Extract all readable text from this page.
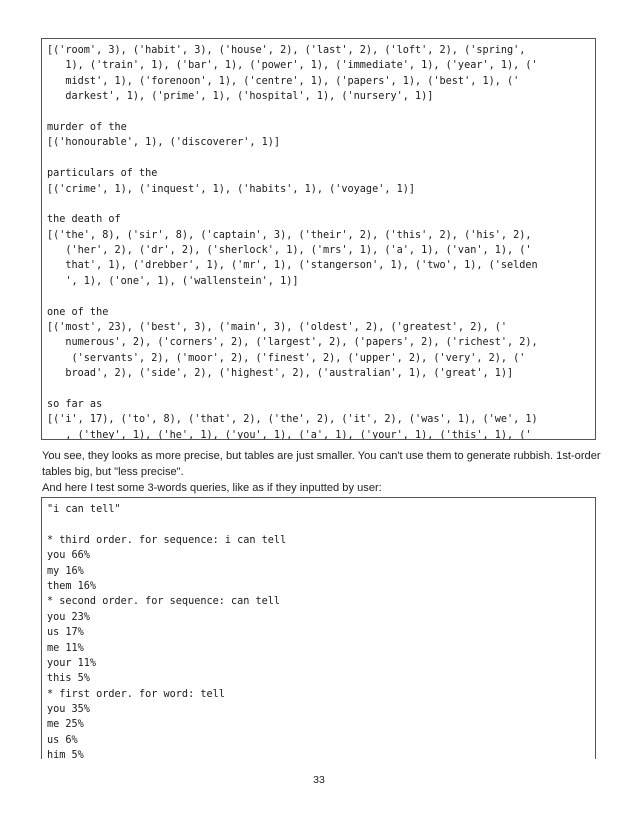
[('room', 3), ('habit', 3), ('house', 2), ('last', 2), ('loft', 2), ('spring',
1), ('train', 1), ('bar', 1), ('power', 1), ('immediate', 1), ('year', 1), ('
midst', 1), ('forenoon', 1), ('centre', 1), ('papers', 1), ('best', 1), ('
darkest', 1), ('prime', 1), ('hospital', 1), ('nursery', 1)]

murder of the
[('honourable', 1), ('discoverer', 1)]

particulars of the
[('crime', 1), ('inquest', 1), ('habits', 1), ('voyage', 1)]

the death of
[('the', 8), ('sir', 8), ('captain', 3), ('their', 2), ('this', 2), ('his', 2),
('her', 2), ('dr', 2), ('sherlock', 1), ('mrs', 1), ('a', 1), ('van', 1), ('
that', 1), ('drebber', 1), ('mr', 1), ('stangerson', 1), ('two', 1), ('selden
', 1), ('one', 1), ('wallenstein', 1)]

one of the
[('most', 23), ('best', 3), ('main', 3), ('oldest', 2), ('greatest', 2), ('
numerous', 2), ('corners', 2), ('largest', 2), ('papers', 2), ('richest', 2),
('servants', 2), ('moor', 2), ('finest', 2), ('upper', 2), ('very', 2), ('
broad', 2), ('side', 2), ('highest', 2), ('australian', 1), ('great', 1)]

so far as
[('i', 17), ('to', 8), ('that', 2), ('the', 2), ('it', 2), ('was', 1), ('we', 1)
, ('they', 1), ('he', 1), ('you', 1), ('a', 1), ('your', 1), ('this', 1), ('

You see, they looks as more precise, but tables are just smaller. You can't use them to generate rubbish. 1st-order tables big, but "less precise".

And here I test some 3-words queries, like as if they inputted by user:

"i can tell"

* third order. for sequence: i can tell
you 66%
my 16%
them 16%
* second order. for sequence: can tell
you 23%
us 17%
me 11%
your 11%
this 5%
* first order. for word: tell
you 35%
me 25%
us 6%
him 5%
33
